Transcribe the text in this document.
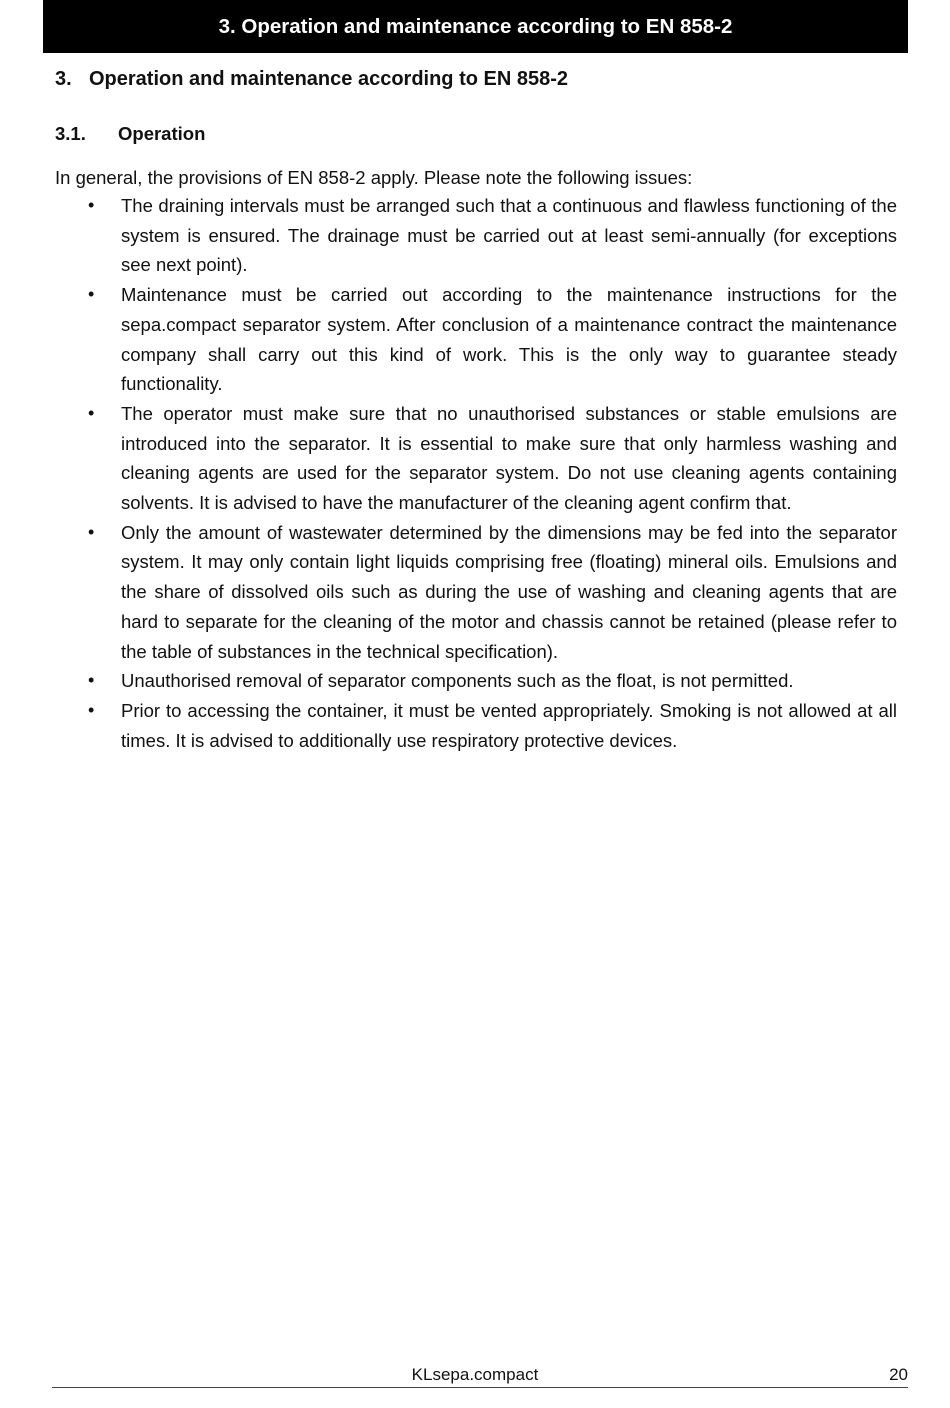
3. Operation and maintenance according to EN 858-2
3. Operation and maintenance according to EN 858-2
3.1.	Operation
In general, the provisions of EN 858-2 apply. Please note the following issues:
• The draining intervals must be arranged such that a continuous and flawless functioning of the system is ensured. The drainage must be carried out at least semi-annually (for exceptions see next point).
• Maintenance must be carried out according to the maintenance instructions for the sepa.compact separator system. After conclusion of a maintenance contract the maintenance company shall carry out this kind of work. This is the only way to guarantee steady functionality.
• The operator must make sure that no unauthorised substances or stable emulsions are introduced into the separator. It is essential to make sure that only harmless washing and cleaning agents are used for the separator system. Do not use cleaning agents containing solvents. It is advised to have the manufacturer of the cleaning agent confirm that.
• Only the amount of wastewater determined by the dimensions may be fed into the separator system. It may only contain light liquids comprising free (floating) mineral oils. Emulsions and the share of dissolved oils such as during the use of washing and cleaning agents that are hard to separate for the cleaning of the motor and chassis cannot be retained (please refer to the table of substances in the technical specification).
• Unauthorised removal of separator components such as the float, is not permitted.
• Prior to accessing the container, it must be vented appropriately. Smoking is not allowed at all times. It is advised to additionally use respiratory protective devices.
KLsepa.compact	20
